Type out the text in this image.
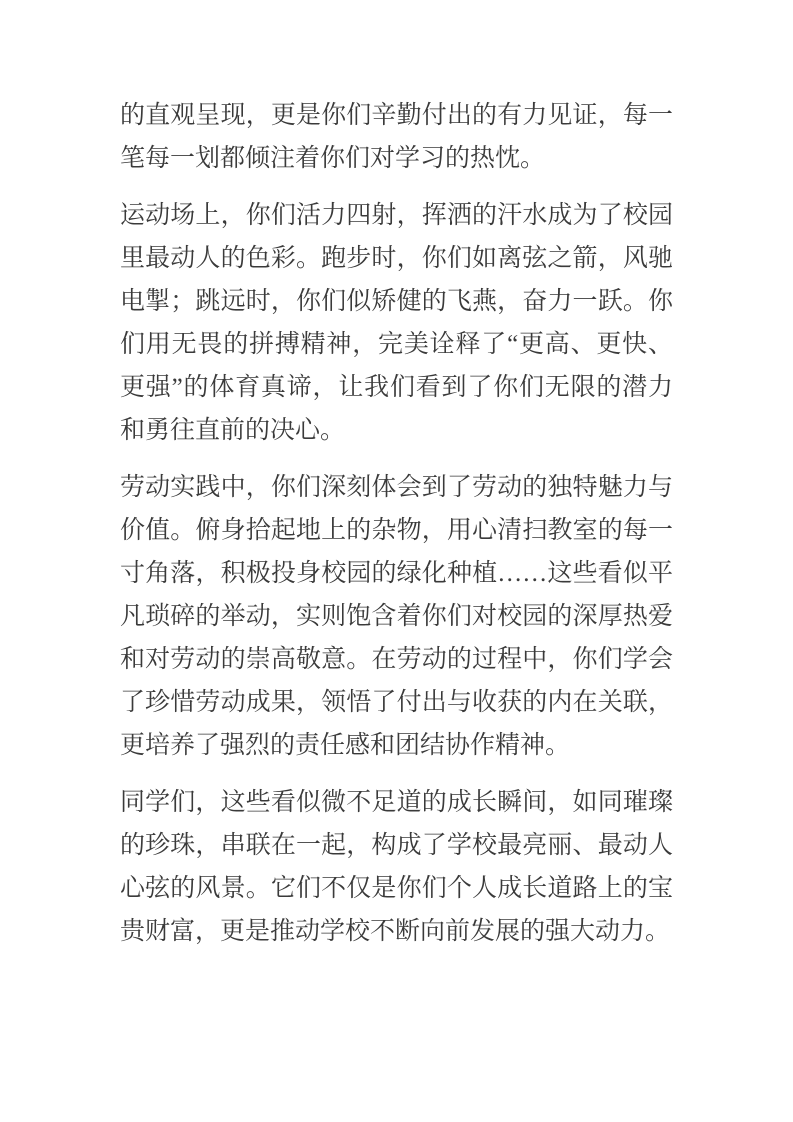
的直观呈现，更是你们辛勤付出的有力见证，每一笔每一划都倾注着你们对学习的热忱。

运动场上，你们活力四射，挥洒的汗水成为了校园里最动人的色彩。跑步时，你们如离弦之箭，风驰电掣；跳远时，你们似矫健的飞燕，奋力一跃。你们用无畏的拼搏精神，完美诠释了“更高、更快、更强”的体育真谛，让我们看到了你们无限的潜力和勇往直前的决心。

劳动实践中，你们深刻体会到了劳动的独特魅力与价值。俯身拾起地上的杂物，用心清扫教室的每一寸角落，积极投身校园的绿化种植……这些看似平凡琐碎的举动，实则饱含着你们对校园的深厚热爱和对劳动的崇高敬意。在劳动的过程中，你们学会了珍惜劳动成果，领悟了付出与收获的内在关联，更培养了强烈的责任感和团结协作精神。

同学们，这些看似微不足道的成长瞬间，如同璀璨的珍珠，串联在一起，构成了学校最亮丽、最动人心弦的风景。它们不仅是你们个人成长道路上的宝贵财富，更是推动学校不断向前发展的强大动力。
